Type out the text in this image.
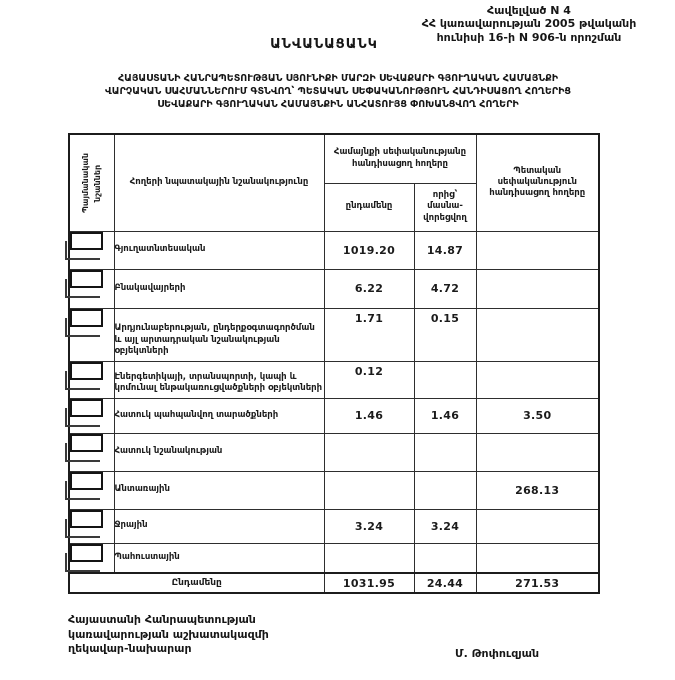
Հավելված N 4
ՀՀ կառավարության 2005 թվականի
հունիսի 16-ի N 906-ն որոշման
ԱՆՎԱՆԱՑԱՆԿ
ՀԱՅԱՍՏԱՆԻ ՀԱՆՐԱՊԵՏՈՒԹՅԱՆ ՍՅՈՒՆԻՔԻ ՄԱՐԶԻ ՍԵՎԱՔԱՐԻ ԳՅՈՒՂԱԿԱՆ ՀԱՄԱՅՆՔԻ
ՎԱՐՉԱԿԱՆ ՍԱՀՄԱՆՆԵՐՈՒՄ ԳՏՆՎՈՂ՝ ՊԵՏԱԿԱՆ ՍԵՓԱԿԱՆՈՒԹՅՈՒՆ ՀԱՆԴԻՍԱՑՈՂ ՀՈՂԵՐԻՑ
ՍԵՎԱՔԱՐԻ ԳՅՈՒՂԱԿԱՆ ՀԱՄԱՅՆՔԻՆ ԱՆՀԱՏՈՒՅՑ ՓՈԽԱՆՑՎՈՂ ՀՈՂԵՐԻ
Պայմանական նշաններ	Հողերի նպատակային նշանակությունը	Համայնքի սեփականությանը հանդիսացող հողերը		Պետական սեփականություն հանդիսացող հողերը
		ընդամենը	որից՝ մասնա-վորեցվող	

	Գյուղատնտեսական	1019.20	14.87	

	Բնակավայրերի	6.22	4.72	

	Արդյունաբերության, ընդերքօգտագործման և այլ արտադրական նշանակության օբյեկտների	1.71	0.15	

	Էներգետիկայի, տրանսպորտի, կապի և կոմունալ ենթակառուցվածքների օբյեկտների	0.12		

	Հատուկ պահպանվող տարածքների	1.46	1.46	3.50

	Հատուկ նշանակության			

	Անտառային			268.13

	Ջրային	3.24	3.24	

	Պահուստային			
Ընդամենը		1031.95	24.44	271.53
Հայաստանի Հանրապետության
կառավարության աշխատակազմի
ղեկավար-նախարար	Մ. Թոփուզյան
